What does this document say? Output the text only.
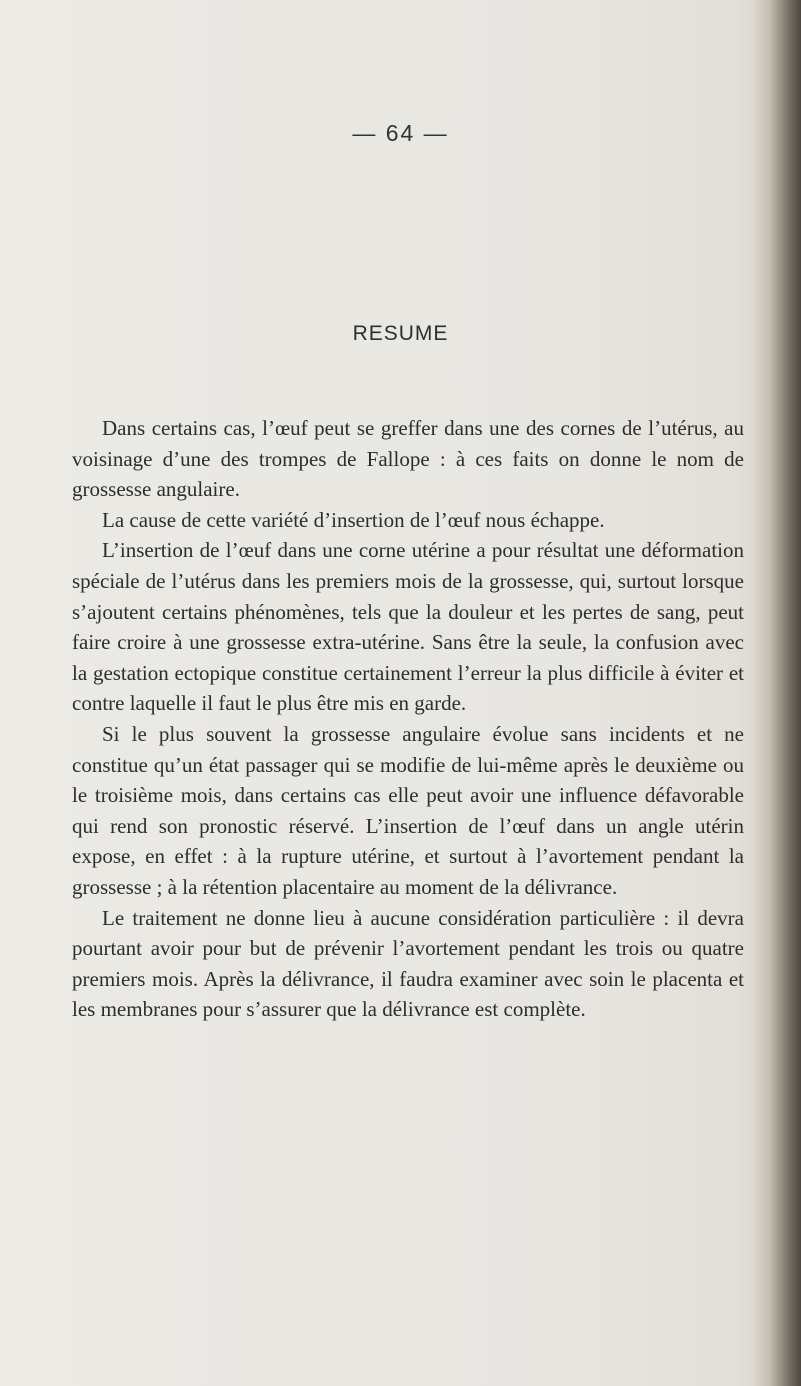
— 64 —
RESUME

Dans certains cas, l’œuf peut se greffer dans une des cornes de l’utérus, au voisinage d’une des trompes de Fallope : à ces faits on donne le nom de grossesse angulaire.

La cause de cette variété d’insertion de l’œuf nous échappe.

L’insertion de l’œuf dans une corne utérine a pour résultat une déformation spéciale de l’utérus dans les premiers mois de la grossesse, qui, surtout lorsque s’ajoutent certains phénomènes, tels que la douleur et les pertes de sang, peut faire croire à une grossesse extra-utérine. Sans être la seule, la confusion avec la gestation ectopique constitue certainement l’erreur la plus difficile à éviter et contre laquelle il faut le plus être mis en garde.

Si le plus souvent la grossesse angulaire évolue sans incidents et ne constitue qu’un état passager qui se modifie de lui-même après le deuxième ou le troisième mois, dans certains cas elle peut avoir une influence défavorable qui rend son pronostic réservé. L’insertion de l’œuf dans un angle utérin expose, en effet : à la rupture utérine, et surtout à l’avortement pendant la grossesse ; à la rétention placentaire au moment de la délivrance.

Le traitement ne donne lieu à aucune considération particulière : il devra pourtant avoir pour but de prévenir l’avortement pendant les trois ou quatre premiers mois. Après la délivrance, il faudra examiner avec soin le placenta et les membranes pour s’assurer que la délivrance est complète.
